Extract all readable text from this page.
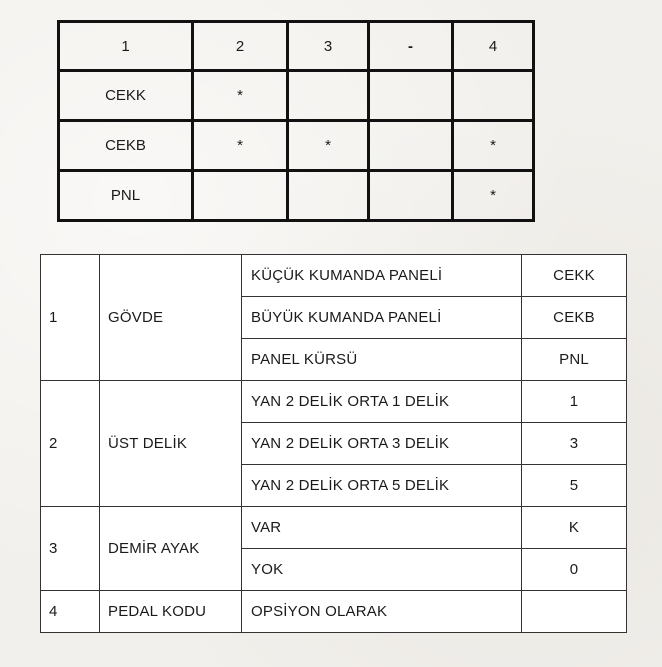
1	2	3	-	4
CEKK	*			
CEKB	*	*		*
PNL				*
1	GÖVDE	KÜÇÜK KUMANDA PANELİ	CEKK
		BÜYÜK KUMANDA PANELİ	CEKB
		PANEL KÜRSÜ	PNL
2	ÜST DELİK	YAN 2 DELİK ORTA 1 DELİK	1
		YAN 2 DELİK ORTA 3 DELİK	3
		YAN 2 DELİK ORTA 5 DELİK	5
3	DEMİR AYAK	VAR	K
		YOK	0
4	PEDAL KODU	OPSİYON OLARAK	
